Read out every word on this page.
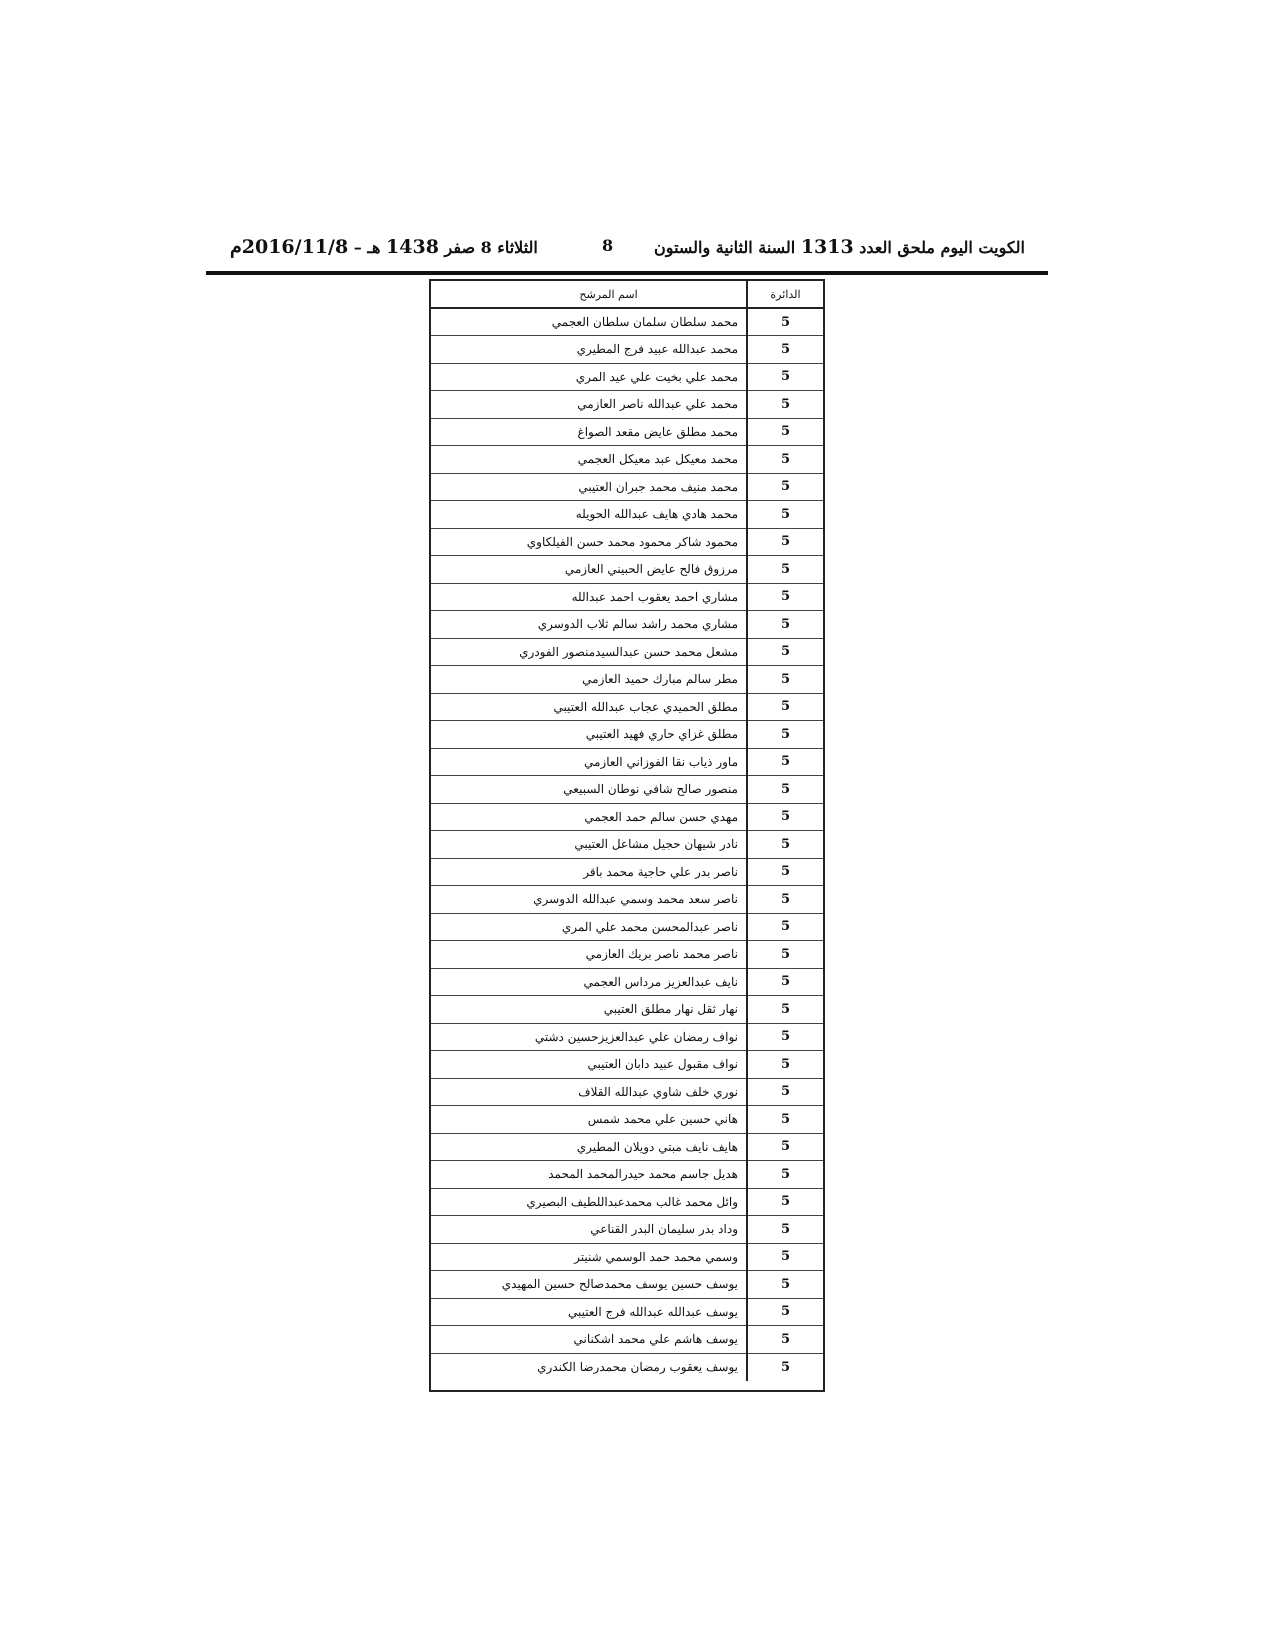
الكويت اليوم ملحق العدد 1313 السنة الثانية والستون
8
الثلاثاء 8 صفر 1438 هـ – 2016/11/8م
الدائرة	اسم المرشح
5	محمد سلطان سلمان سلطان العجمي
5	محمد عبدالله عبيد فرج المطيري
5	محمد علي بخيت علي عيد المري
5	محمد علي عبدالله ناصر العازمي
5	محمد مطلق عايض مقعد الصواغ
5	محمد معيكل عبد معيكل العجمي
5	محمد منيف محمد جبران العتيبي
5	محمد هادي هايف عبدالله الحويله
5	محمود شاكر محمود محمد حسن الفيلكاوي
5	مرزوق فالح عايض الحبيني العازمي
5	مشاري احمد يعقوب احمد عبدالله
5	مشاري محمد راشد سالم ثلاب الدوسري
5	مشعل محمد حسن عبدالسيدمنصور الفودري
5	مطر سالم مبارك حميد العازمي
5	مطلق الحميدي عجاب عبدالله العتيبي
5	مطلق غزاي حاري فهيد العتيبي
5	ماور ذياب نقا الفوزاني العازمي
5	منصور صالح شافي نوطان السبيعي
5	مهدي حسن سالم حمد العجمي
5	نادر شيهان حجيل مشاعل العتيبي
5	ناصر بدر علي حاجية محمد باقر
5	ناصر سعد محمد وسمي عبدالله الدوسري
5	ناصر عبدالمحسن محمد علي المري
5	ناصر محمد ناصر بريك العازمي
5	نايف عبدالعزيز مرداس العجمي
5	نهار ثقل نهار مطلق العتيبي
5	نواف رمضان علي عبدالعزيزحسين دشتي
5	نواف مقبول عبيد دابان العتيبي
5	نوري خلف شاوي عبدالله القلاف
5	هاني حسين علي محمد شمس
5	هايف نايف مبتي دويلان المطيري
5	هديل جاسم محمد حيدرالمحمد المحمد
5	وائل محمد غالب محمدعبداللطيف البصيري
5	وداد بدر سليمان البدر القناعي
5	وسمي محمد حمد الوسمي شنيتر
5	يوسف حسين يوسف محمدصالح حسين المهيدي
5	يوسف عبدالله عبدالله فرج العتيبي
5	يوسف هاشم علي محمد اشكناني
5	يوسف يعقوب رمضان محمدرضا الكندري
